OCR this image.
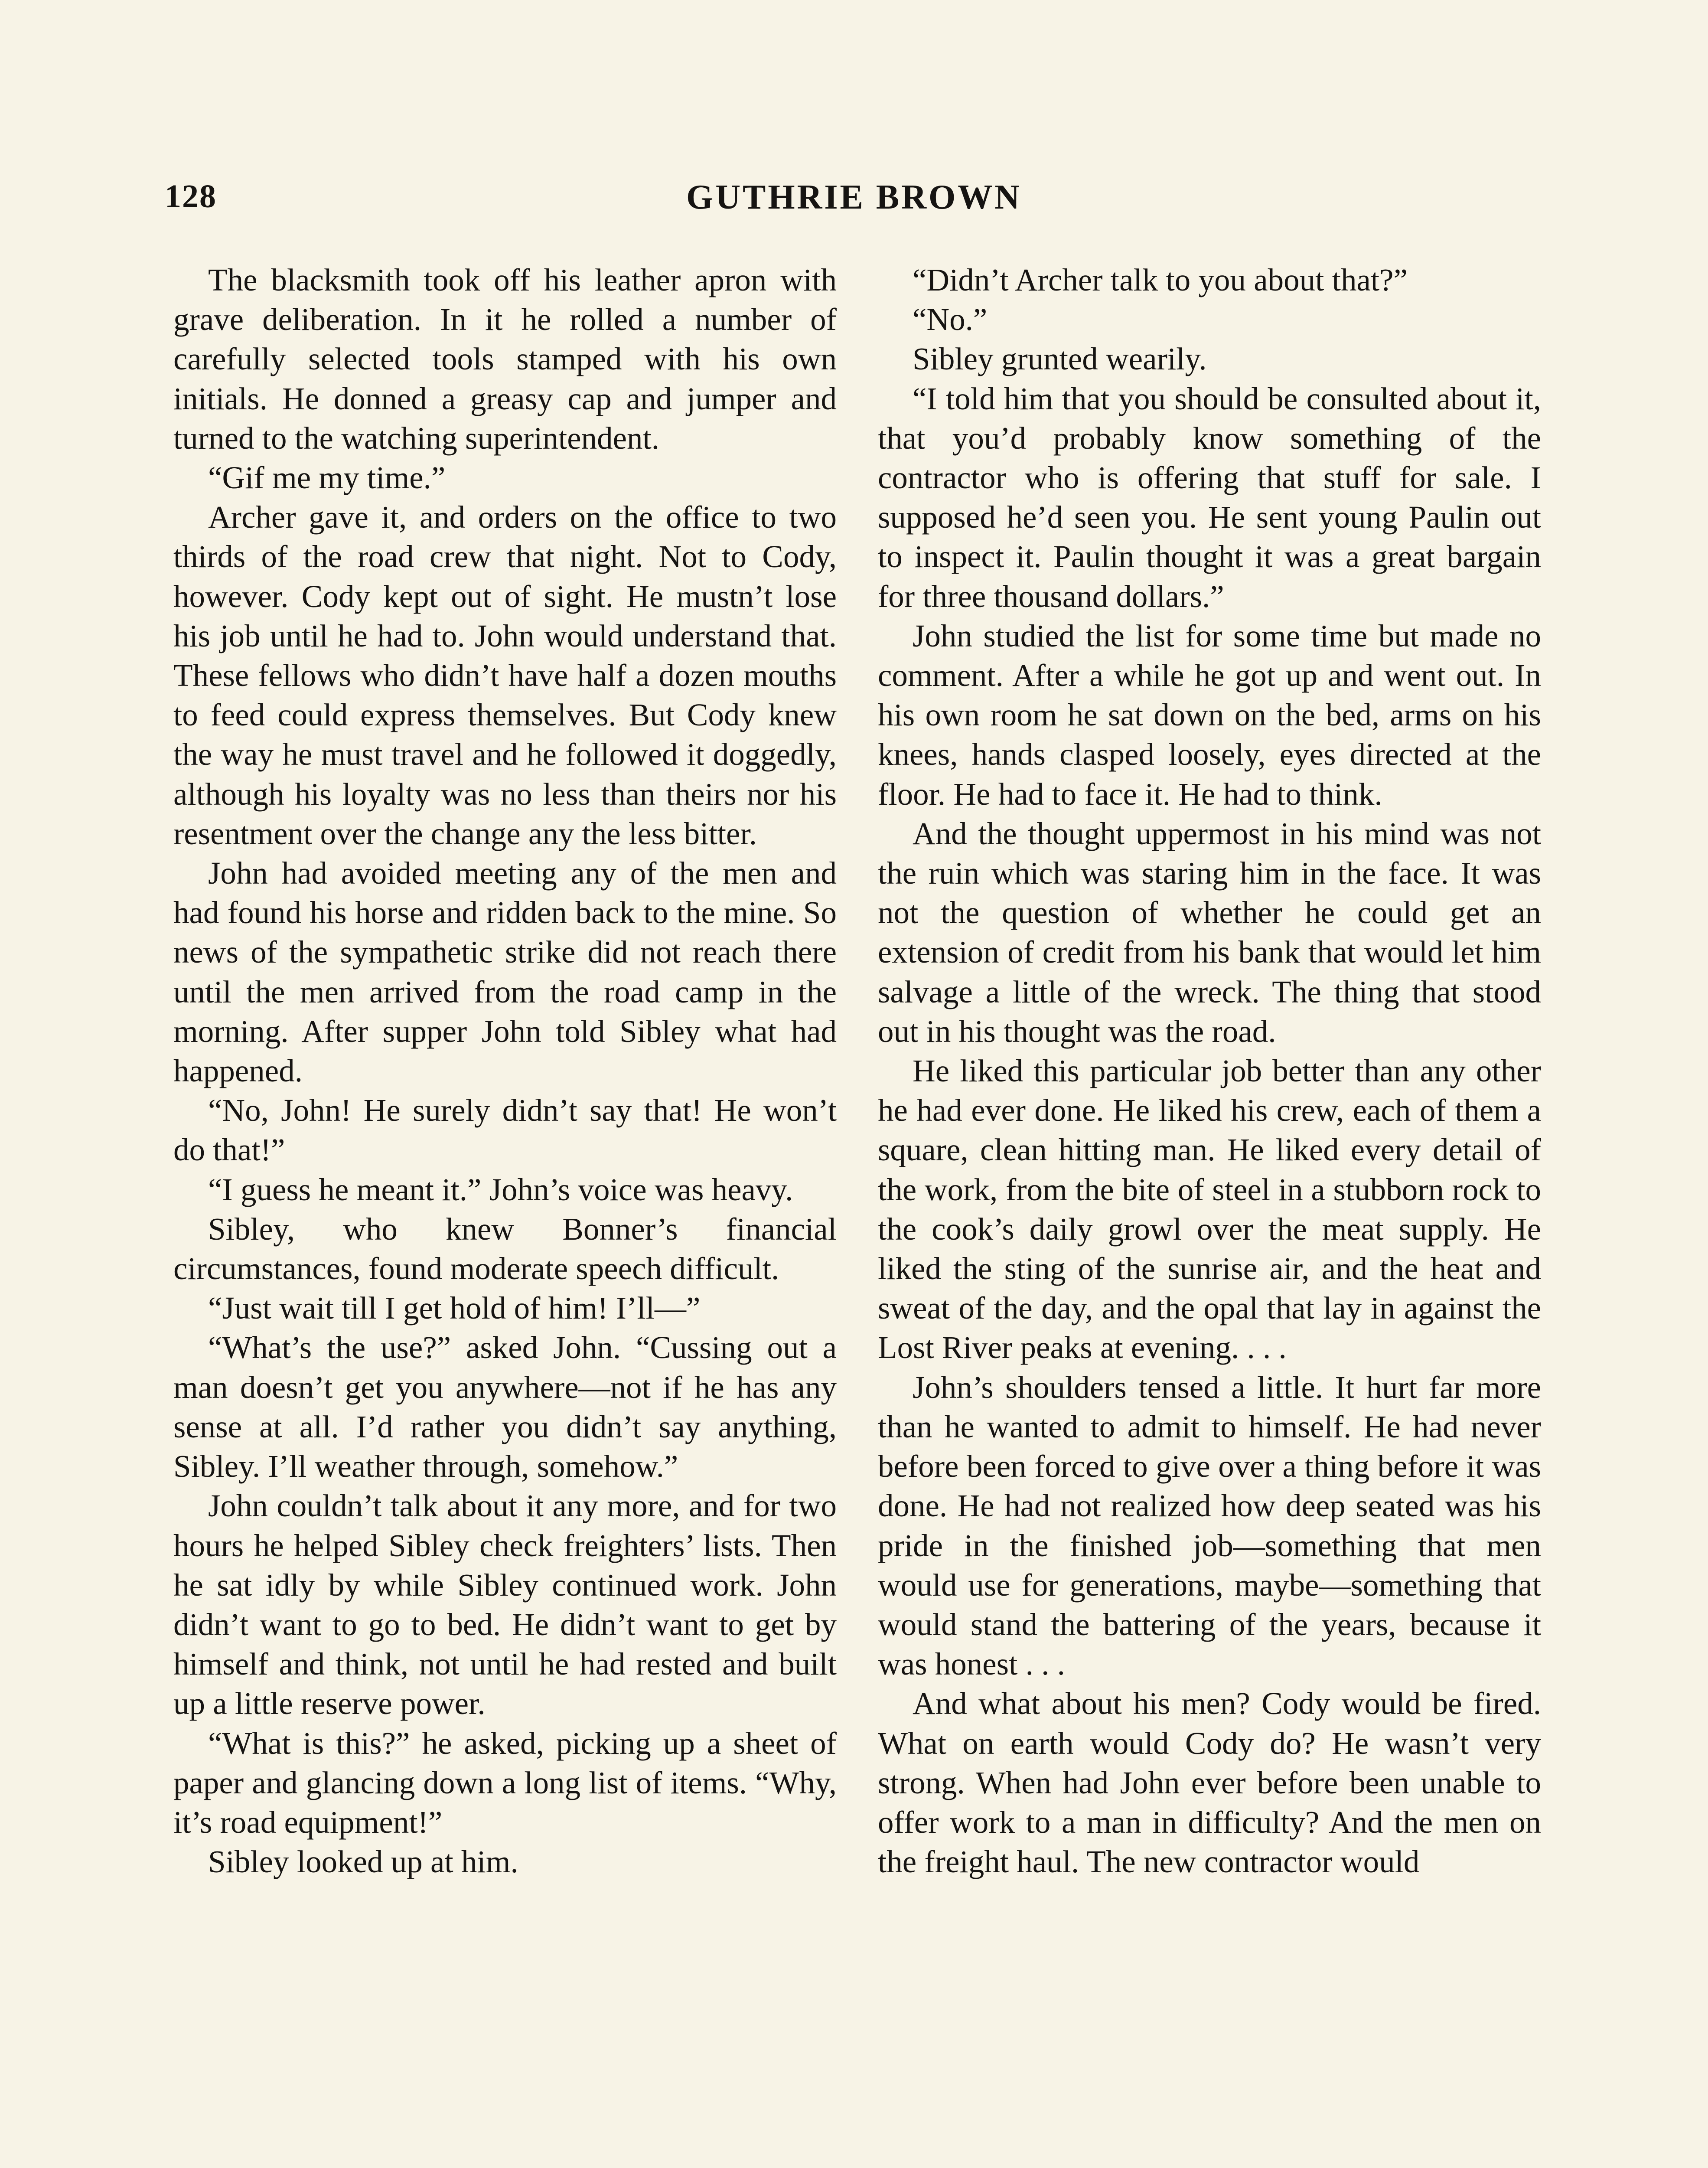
128	GUTHRIE BROWN

The blacksmith took off his leather apron with grave deliberation. In it he rolled a number of carefully selected tools stamped with his own initials. He donned a greasy cap and jumper and turned to the watching superintendent.

“Gif me my time.”

Archer gave it, and orders on the office to two thirds of the road crew that night. Not to Cody, however. Cody kept out of sight. He mustn’t lose his job until he had to. John would understand that. These fellows who didn’t have half a dozen mouths to feed could express themselves. But Cody knew the way he must travel and he followed it doggedly, although his loyalty was no less than theirs nor his resentment over the change any the less bitter.

John had avoided meeting any of the men and had found his horse and ridden back to the mine. So news of the sympathetic strike did not reach there until the men arrived from the road camp in the morning. After supper John told Sibley what had happened.

“No, John! He surely didn’t say that! He won’t do that!”

“I guess he meant it.” John’s voice was heavy.

Sibley, who knew Bonner’s financial circumstances, found moderate speech difficult.

“Just wait till I get hold of him! I’ll—”

“What’s the use?” asked John. “Cussing out a man doesn’t get you anywhere—not if he has any sense at all. I’d rather you didn’t say anything, Sibley. I’ll weather through, somehow.”

John couldn’t talk about it any more, and for two hours he helped Sibley check freighters’ lists. Then he sat idly by while Sibley continued work. John didn’t want to go to bed. He didn’t want to get by himself and think, not until he had rested and built up a little reserve power.

“What is this?” he asked, picking up a sheet of paper and glancing down a long list of items. “Why, it’s road equipment!”

Sibley looked up at him.

“Didn’t Archer talk to you about that?”

“No.”

Sibley grunted wearily.

“I told him that you should be consulted about it, that you’d probably know something of the contractor who is offering that stuff for sale. I supposed he’d seen you. He sent young Paulin out to inspect it. Paulin thought it was a great bargain for three thousand dollars.”

John studied the list for some time but made no comment. After a while he got up and went out. In his own room he sat down on the bed, arms on his knees, hands clasped loosely, eyes directed at the floor. He had to face it. He had to think.

And the thought uppermost in his mind was not the ruin which was staring him in the face. It was not the question of whether he could get an extension of credit from his bank that would let him salvage a little of the wreck. The thing that stood out in his thought was the road.

He liked this particular job better than any other he had ever done. He liked his crew, each of them a square, clean hitting man. He liked every detail of the work, from the bite of steel in a stubborn rock to the cook’s daily growl over the meat supply. He liked the sting of the sunrise air, and the heat and sweat of the day, and the opal that lay in against the Lost River peaks at evening. . . .

John’s shoulders tensed a little. It hurt far more than he wanted to admit to himself. He had never before been forced to give over a thing before it was done. He had not realized how deep seated was his pride in the finished job—something that men would use for generations, maybe—something that would stand the battering of the years, because it was honest . . .

And what about his men? Cody would be fired. What on earth would Cody do? He wasn’t very strong. When had John ever before been unable to offer work to a man in difficulty? And the men on the freight haul. The new contractor would
